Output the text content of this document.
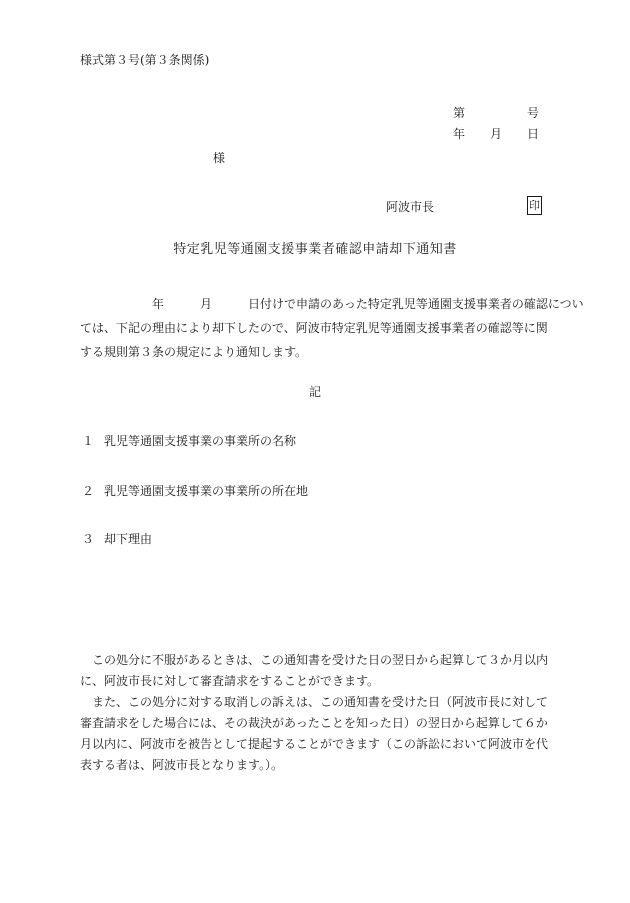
様式第３号(第３条関係)
第	号
年 月 日
様
阿波市長	印
特定乳児等通園支援事業者確認申請却下通知書
　　　　　　年　　　月　　　日付けで申請のあった特定乳児等通園支援事業者の確認につい
ては、下記の理由により却下したので、阿波市特定乳児等通園支援事業者の確認等に関
する規則第３条の規定により通知します。
記
１ 乳児等通園支援事業の事業所の名称
２ 乳児等通園支援事業の事業所の所在地
３ 却下理由
　この処分に不服があるときは、この通知書を受けた日の翌日から起算して３か月以内
に、阿波市長に対して審査請求をすることができます。
　また、この処分に対する取消しの訴えは、この通知書を受けた日（阿波市長に対して
審査請求をした場合には、その裁決があったことを知った日）の翌日から起算して６か
月以内に、阿波市を被告として提起することができます（この訴訟において阿波市を代
表する者は、阿波市長となります。）。
